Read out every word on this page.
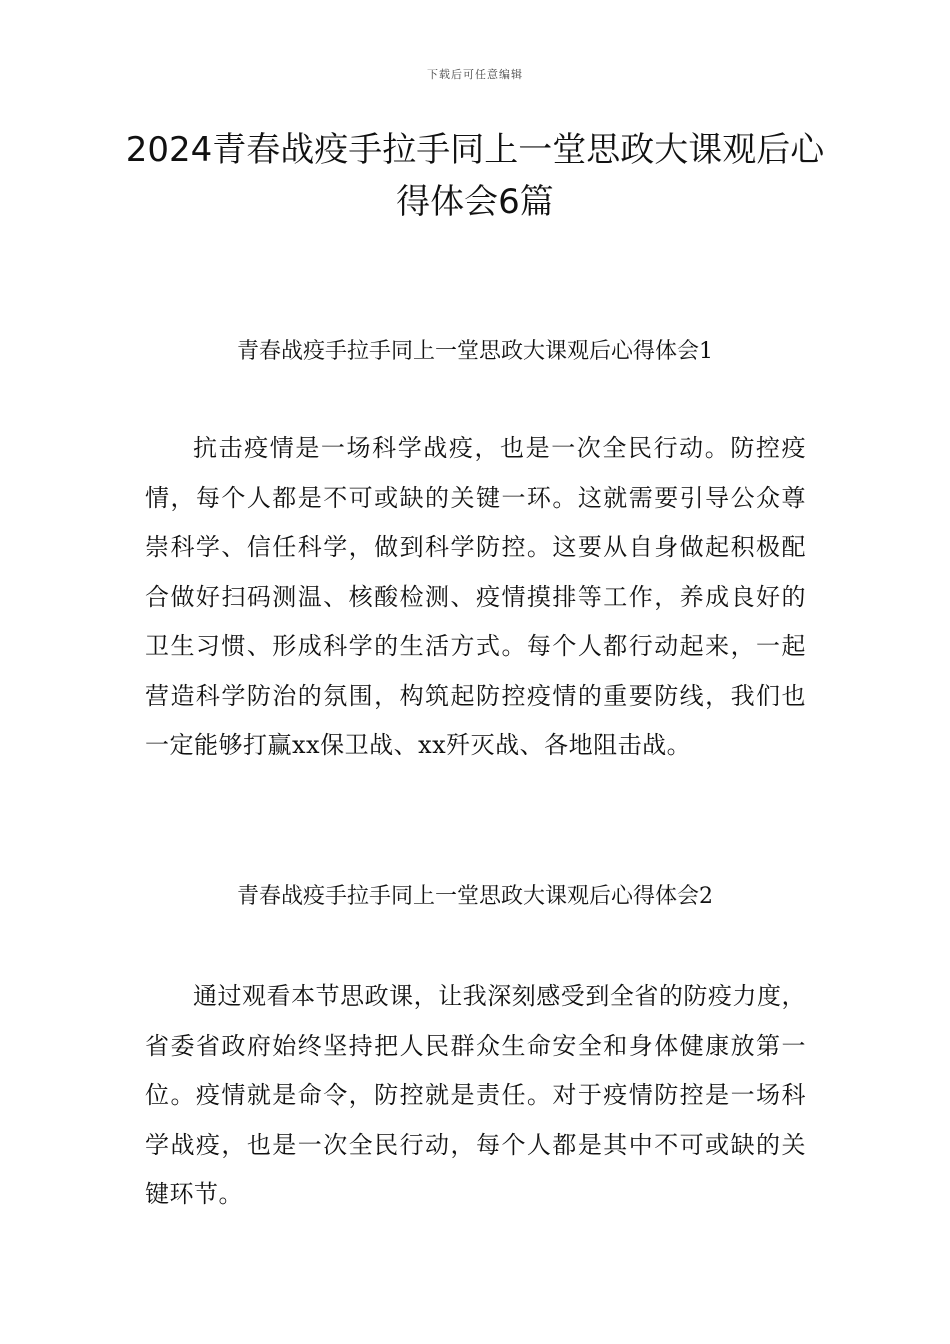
下载后可任意编辑
2024青春战疫手拉手同上一堂思政大课观后心得体会6篇
青春战疫手拉手同上一堂思政大课观后心得体会1

抗击疫情是一场科学战疫，也是一次全民行动。防控疫情，每个人都是不可或缺的关键一环。这就需要引导公众尊崇科学、信任科学，做到科学防控。这要从自身做起积极配合做好扫码测温、核酸检测、疫情摸排等工作，养成良好的卫生习惯、形成科学的生活方式。每个人都行动起来，一起营造科学防治的氛围，构筑起防控疫情的重要防线，我们也一定能够打赢xx保卫战、xx歼灭战、各地阻击战。

青春战疫手拉手同上一堂思政大课观后心得体会2

通过观看本节思政课，让我深刻感受到全省的防疫力度，省委省政府始终坚持把人民群众生命安全和身体健康放第一位。疫情就是命令，防控就是责任。对于疫情防控是一场科学战疫，也是一次全民行动，每个人都是其中不可或缺的关键环节。
